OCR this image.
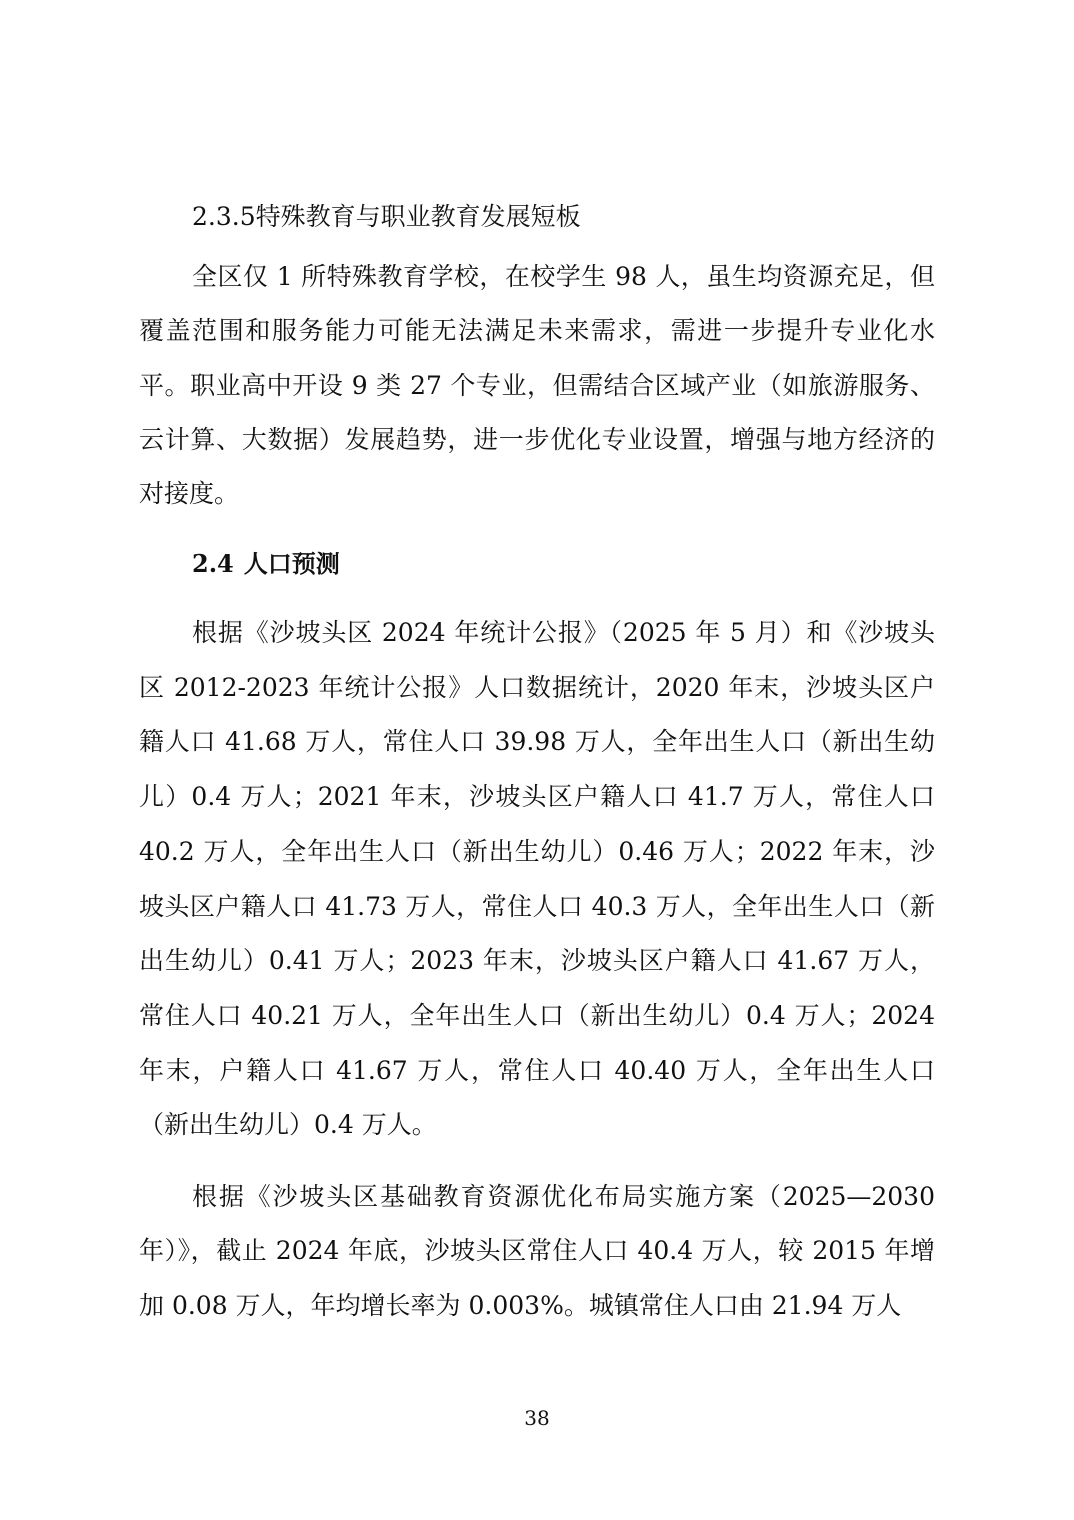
2.3.5特殊教育与职业教育发展短板

全区仅 1 所特殊教育学校，在校学生 98 人，虽生均资源充足，但覆盖范围和服务能力可能无法满足未来需求，需进一步提升专业化水平。职业高中开设 9 类 27 个专业，但需结合区域产业（如旅游服务、云计算、大数据）发展趋势，进一步优化专业设置，增强与地方经济的对接度。

2.4 人口预测

根据《沙坡头区 2024 年统计公报》（2025 年 5 月）和《沙坡头区 2012-2023 年统计公报》人口数据统计，2020 年末，沙坡头区户籍人口 41.68 万人，常住人口 39.98 万人，全年出生人口（新出生幼儿）0.4 万人；2021 年末，沙坡头区户籍人口 41.7 万人，常住人口 40.2 万人，全年出生人口（新出生幼儿）0.46 万人；2022 年末，沙坡头区户籍人口 41.73 万人，常住人口 40.3 万人，全年出生人口（新出生幼儿）0.41 万人；2023 年末，沙坡头区户籍人口 41.67 万人，常住人口 40.21 万人，全年出生人口（新出生幼儿）0.4 万人；2024 年末，户籍人口 41.67 万人，常住人口 40.40 万人，全年出生人口（新出生幼儿）0.4 万人。

根据《沙坡头区基础教育资源优化布局实施方案（2025—2030 年）》，截止 2024 年底，沙坡头区常住人口 40.4 万人，较 2015 年增加 0.08 万人，年均增长率为 0.003%。城镇常住人口由 21.94 万人

38
